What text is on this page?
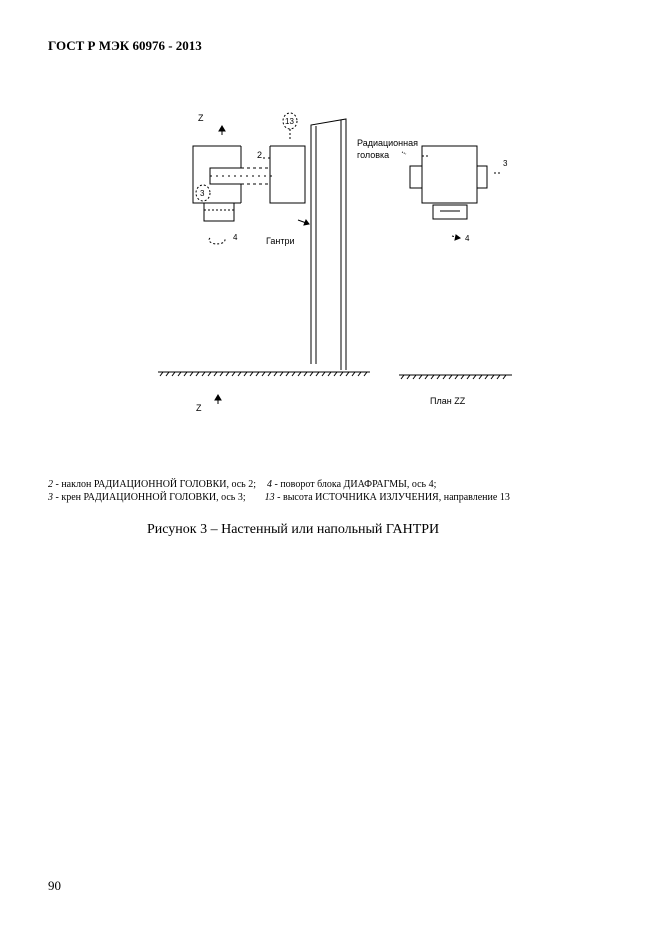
ГОСТ Р МЭК 60976 - 2013
Z
Z
13
2
3
4	Гантри
Радиационная
головка
3
4
План ZZ
2 - наклон РАДИАЦИОННОЙ ГОЛОВКИ, ось 2; 4 - поворот блока ДИАФРАГМЫ, ось 4;
3 - крен РАДИАЦИОННОЙ ГОЛОВКИ, ось 3; 13 - высота ИСТОЧНИКА ИЗЛУЧЕНИЯ, направление 13
Рисунок 3 – Настенный или напольный ГАНТРИ
90
